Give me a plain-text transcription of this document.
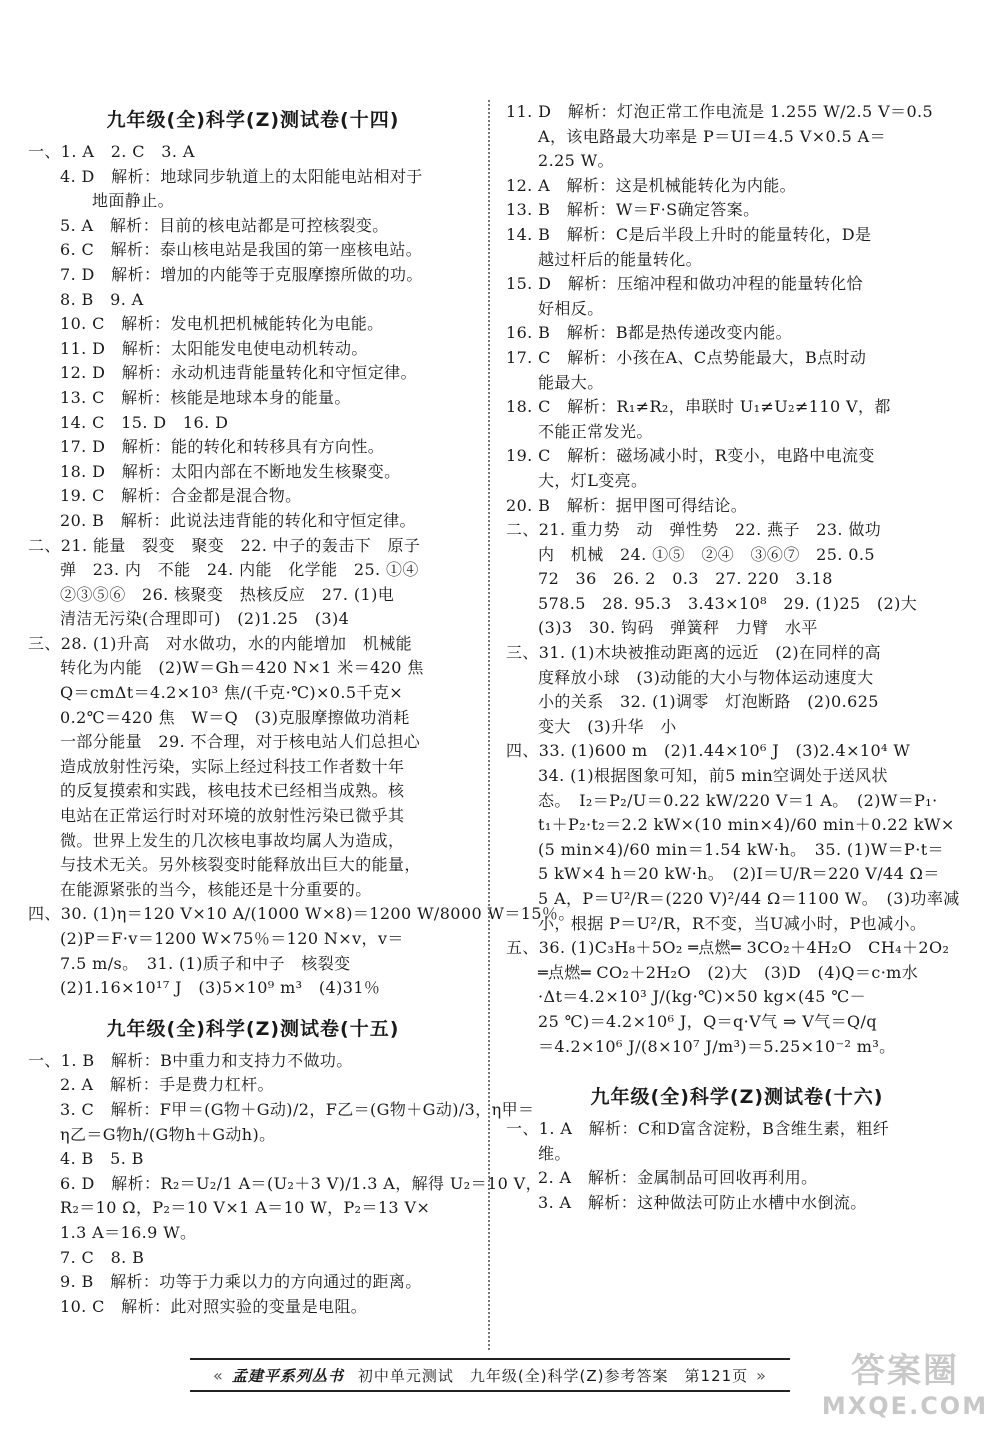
九年级(全)科学(Z)测试卷(十四)
一、1. A　2. C　3. A
4. D　解析：地球同步轨道上的太阳能电站相对于
地面静止。
5. A　解析：目前的核电站都是可控核裂变。
6. C　解析：泰山核电站是我国的第一座核电站。
7. D　解析：增加的内能等于克服摩擦所做的功。
8. B　9. A
10. C　解析：发电机把机械能转化为电能。
11. D　解析：太阳能发电使电动机转动。
12. D　解析：永动机违背能量转化和守恒定律。
13. C　解析：核能是地球本身的能量。
14. C　15. D　16. D
17. D　解析：能的转化和转移具有方向性。
18. D　解析：太阳内部在不断地发生核聚变。
19. C　解析：合金都是混合物。
20. B　解析：此说法违背能的转化和守恒定律。
二、21. 能量　裂变　聚变　22. 中子的轰击下　原子
弹　23. 内　不能　24. 内能　化学能　25. ①④
②③⑤⑥　26. 核聚变　热核反应　27. (1)电
清洁无污染(合理即可)　(2)1.25　(3)4
三、28. (1)升高　对水做功，水的内能增加　机械能
转化为内能　(2)W＝Gh＝420 N×1 米＝420 焦
Q＝cmΔt＝4.2×10³ 焦/(千克·℃)×0.5千克×
0.2℃＝420 焦　W＝Q　(3)克服摩擦做功消耗
一部分能量　29. 不合理，对于核电站人们总担心
造成放射性污染，实际上经过科技工作者数十年
的反复摸索和实践，核电技术已经相当成熟。核
电站在正常运行时对环境的放射性污染已微乎其
微。世界上发生的几次核电事故均属人为造成，
与技术无关。另外核裂变时能释放出巨大的能量，
在能源紧张的当今，核能还是十分重要的。
四、30. (1)η＝120 V×10 A/(1000 W×8)＝1200 W/8000 W＝15％。
(2)P＝F·v＝1200 W×75％＝120 N×v，v＝
7.5 m/s。　31. (1)质子和中子　核裂变
(2)1.16×10¹⁷ J　(3)5×10⁹ m³　(4)31％
九年级(全)科学(Z)测试卷(十五)
一、1. B　解析：B中重力和支持力不做功。
2. A　解析：手是费力杠杆。
3. C　解析：F甲＝(G物＋G动)/2，F乙＝(G物＋G动)/3，η甲＝
η乙＝G物h/(G物h＋G动h)。
4. B　5. B
6. D　解析：R₂＝U₂/1 A＝(U₂＋3 V)/1.3 A，解得 U₂＝10 V，
R₂＝10 Ω，P₂＝10 V×1 A＝10 W，P₂＝13 V×
1.3 A＝16.9 W。
7. C　8. B
9. B　解析：功等于力乘以力的方向通过的距离。
10. C　解析：此对照实验的变量是电阻。
11. D　解析：灯泡正常工作电流是 1.255 W/2.5 V＝0.5
A，该电路最大功率是 P＝UI＝4.5 V×0.5 A＝
2.25 W。
12. A　解析：这是机械能转化为内能。
13. B　解析：W＝F·S确定答案。
14. B　解析：C是后半段上升时的能量转化，D是
越过杆后的能量转化。
15. D　解析：压缩冲程和做功冲程的能量转化恰
好相反。
16. B　解析：B都是热传递改变内能。
17. C　解析：小孩在A、C点势能最大，B点时动
能最大。
18. C　解析：R₁≠R₂，串联时 U₁≠U₂≠110 V，都
不能正常发光。
19. C　解析：磁场减小时，R变小，电路中电流变
大，灯L变亮。
20. B　解析：据甲图可得结论。
二、21. 重力势　动　弹性势　22. 燕子　23. 做功
内　机械　24. ①⑤　②④　③⑥⑦　25. 0.5
72　36　26. 2　0.3　27. 220　3.18
578.5　28. 95.3　3.43×10⁸　29. (1)25　(2)大
(3)3　30. 钩码　弹簧秤　力臂　水平
三、31. (1)木块被推动距离的远近　(2)在同样的高
度释放小球　(3)动能的大小与物体运动速度大
小的关系　32. (1)调零　灯泡断路　(2)0.625
变大　(3)升华　小
四、33. (1)600 m　(2)1.44×10⁶ J　(3)2.4×10⁴ W
34. (1)根据图象可知，前5 min空调处于送风状
态。　I₂＝P₂/U＝0.22 kW/220 V＝1 A。　(2)W＝P₁·
t₁＋P₂·t₂＝2.2 kW×(10 min×4)/60 min＋0.22 kW×
(5 min×4)/60 min＝1.54 kW·h。　35. (1)W＝P·t＝
5 kW×4 h＝20 kW·h。　(2)I＝U/R＝220 V/44 Ω＝
5 A，P＝U²/R＝(220 V)²/44 Ω＝1100 W。　(3)功率减
小，根据 P＝U²/R，R不变，当U减小时，P也减小。
五、36. (1)C₃H₈＋5O₂ ═点燃═ 3CO₂＋4H₂O　CH₄＋2O₂
═点燃═ CO₂＋2H₂O　(2)大　(3)D　(4)Q＝c·m水
·Δt＝4.2×10³ J/(kg·℃)×50 kg×(45 ℃－
25 ℃)＝4.2×10⁶ J，Q＝q·V气 ⇒ V气＝Q/q
＝4.2×10⁶ J/(8×10⁷ J/m³)＝5.25×10⁻² m³。
九年级(全)科学(Z)测试卷(十六)
一、1. A　解析：C和D富含淀粉，B含维生素，粗纤
维。
2. A　解析：金属制品可回收再利用。
3. A　解析：这种做法可防止水槽中水倒流。
« 孟建平系列丛书 初中单元测试　九年级(全)科学(Z)参考答案　第121页 »	答案圈
MXQE.COM
